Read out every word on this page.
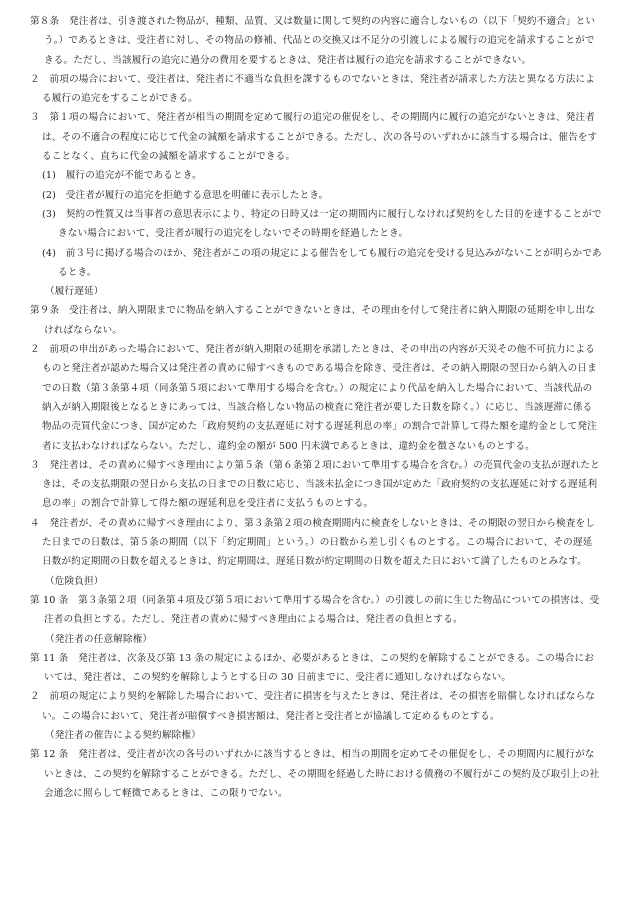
第８条　発注者は、引き渡された物品が、種類、品質、又は数量に関して契約の内容に適合しないもの（以下「契約不適合」という。）であるときは、受注者に対し、その物品の修補、代品との交換又は不足分の引渡しによる履行の追完を請求することができる。ただし、当該履行の追完に過分の費用を要するときは、発注者は履行の追完を請求することができない。

２　前項の場合において、受注者は、発注者に不適当な負担を課するものでないときは、発注者が請求した方法と異なる方法による履行の追完をすることができる。

３　第１項の場合において、発注者が相当の期間を定めて履行の追完の催促をし、その期間内に履行の追完がないときは、発注者は、その不適合の程度に応じて代金の減額を請求することができる。ただし、次の各号のいずれかに該当する場合は、催告をすることなく、直ちに代金の減額を請求することができる。

(1)　履行の追完が不能であるとき。

(2)　受注者が履行の追完を拒絶する意思を明確に表示したとき。

(3)　契約の性質又は当事者の意思表示により、特定の日時又は一定の期間内に履行しなければ契約をした目的を達することができない場合において、受注者が履行の追完をしないでその時期を経過したとき。

(4)　前３号に掲げる場合のほか、発注者がこの項の規定による催告をしても履行の追完を受ける見込みがないことが明らかであるとき。

（履行遅延）

第９条　受注者は、納入期限までに物品を納入することができないときは、その理由を付して発注者に納入期限の延期を申し出なければならない。

２　前項の申出があった場合において、発注者が納入期限の延期を承諾したときは、その申出の内容が天災その他不可抗力によるものと発注者が認めた場合又は発注者の責めに帰すべきものである場合を除き、受注者は、その納入期限の翌日から納入の日までの日数（第３条第４項（同条第５項において準用する場合を含む。）の規定により代品を納入した場合において、当該代品の納入が納入期限後となるときにあっては、当該合格しない物品の検査に発注者が要した日数を除く。）に応じ、当該遅滞に係る物品の売買代金につき、国が定めた「政府契約の支払遅延に対する遅延利息の率」の割合で計算して得た額を違約金として発注者に支払わなければならない。ただし、違約金の額が 500 円未満であるときは、違約金を徴さないものとする。

３　発注者は、その責めに帰すべき理由により第５条（第６条第２項において準用する場合を含む。）の売買代金の支払が遅れたときは、その支払期限の翌日から支払の日までの日数に応じ、当該未払金につき国が定めた「政府契約の支払遅延に対する遅延利息の率」の割合で計算して得た額の遅延利息を受注者に支払うものとする。

４　発注者が、その責めに帰すべき理由により、第３条第２項の検査期間内に検査をしないときは、その期限の翌日から検査をした日までの日数は、第５条の期間（以下「約定期間」という。）の日数から差し引くものとする。この場合において、その遅延日数が約定期間の日数を超えるときは、約定期間は、遅延日数が約定期間の日数を超えた日において満了したものとみなす。

（危険負担）

第 10 条　第３条第２項（同条第４項及び第５項において準用する場合を含む。）の引渡しの前に生じた物品についての損害は、受注者の負担とする。ただし、発注者の責めに帰すべき理由による場合は、発注者の負担とする。

（発注者の任意解除権）

第 11 条　発注者は、次条及び第 13 条の規定によるほか、必要があるときは、この契約を解除することができる。この場合においては、発注者は、この契約を解除しようとする日の 30 日前までに、受注者に通知しなければならない。

２　前項の規定により契約を解除した場合において、受注者に損害を与えたときは、発注者は、その損害を賠償しなければならない。この場合において、発注者が賠償すべき損害額は、発注者と受注者とが協議して定めるものとする。

（発注者の催告による契約解除権）

第 12 条　発注者は、受注者が次の各号のいずれかに該当するときは、相当の期間を定めてその催促をし、その期間内に履行がないときは、この契約を解除することができる。ただし、その期間を経過した時における債務の不履行がこの契約及び取引上の社会通念に照らして軽微であるときは、この限りでない。
